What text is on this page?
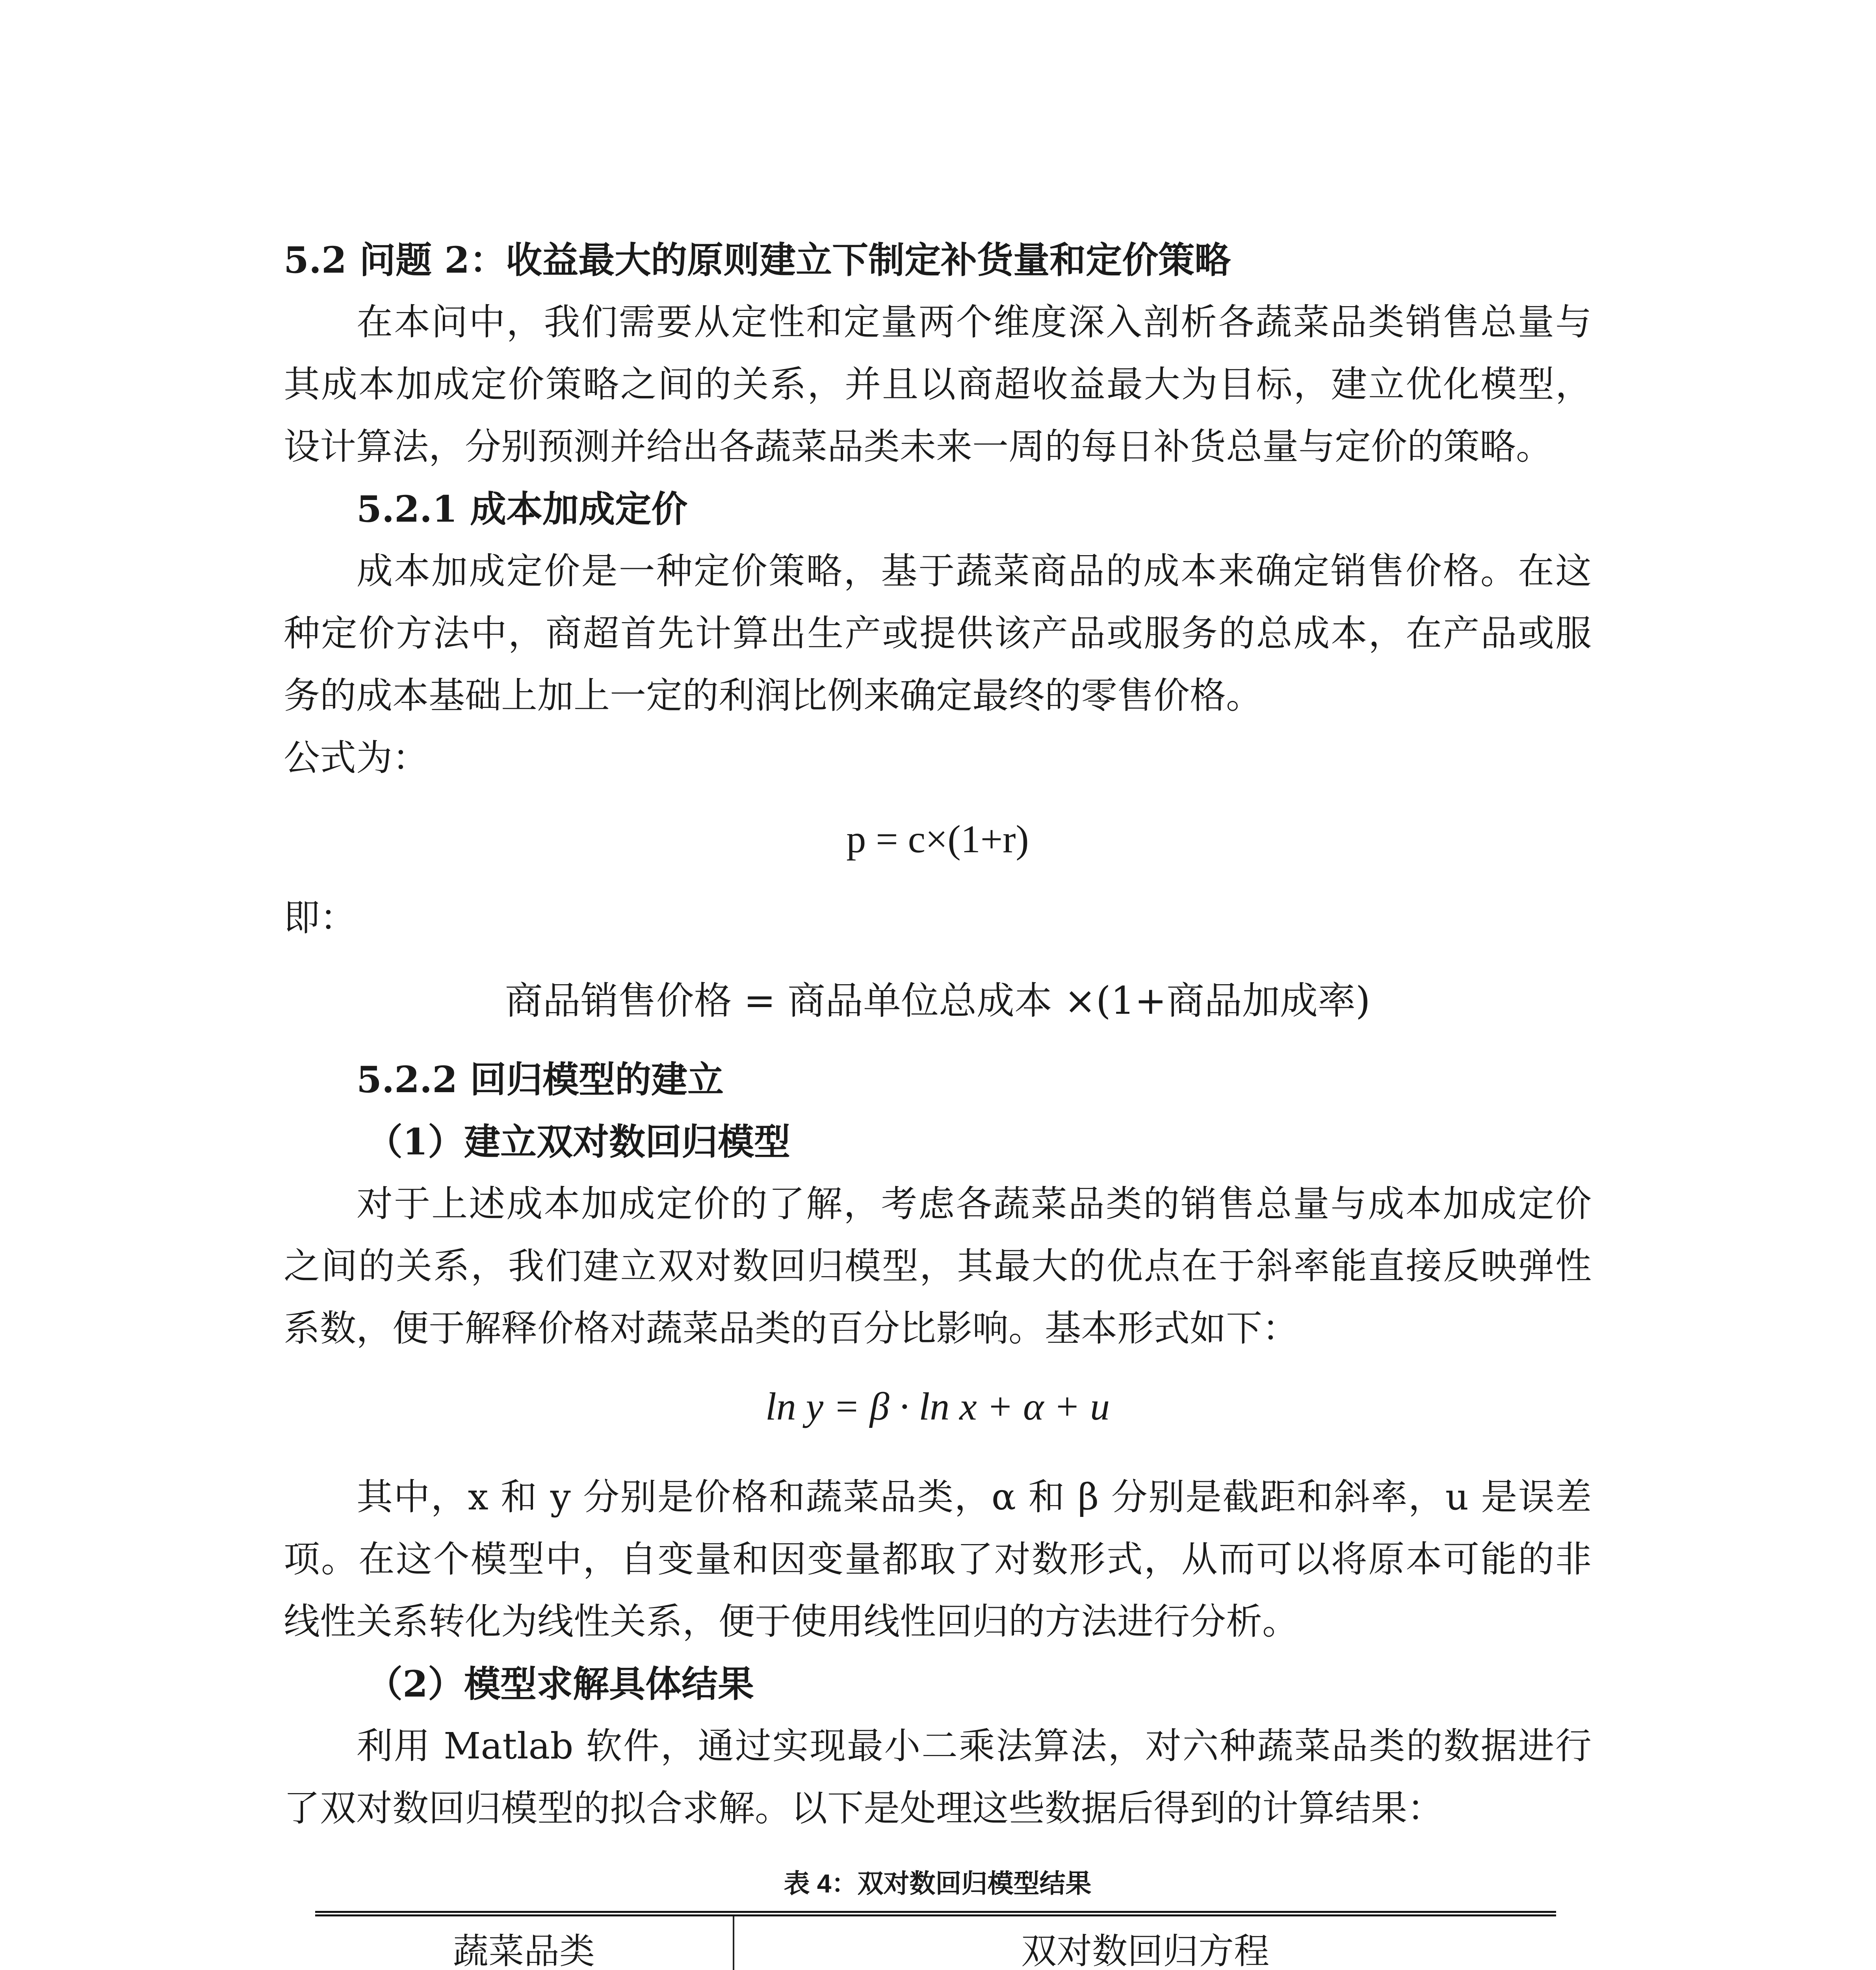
5.2 问题 2：收益最大的原则建立下制定补货量和定价策略
在本问中，我们需要从定性和定量两个维度深入剖析各蔬菜品类销售总量与
其成本加成定价策略之间的关系，并且以商超收益最大为目标，建立优化模型，
设计算法，分别预测并给出各蔬菜品类未来一周的每日补货总量与定价的策略。
5.2.1 成本加成定价
成本加成定价是一种定价策略，基于蔬菜商品的成本来确定销售价格。在这
种定价方法中，商超首先计算出生产或提供该产品或服务的总成本，在产品或服
务的成本基础上加上一定的利润比例来确定最终的零售价格。
公式为：
p = c×(1+r)
即：
商品销售价格 = 商品单位总成本 ×(1+商品加成率)
5.2.2 回归模型的建立
（1）建立双对数回归模型
对于上述成本加成定价的了解，考虑各蔬菜品类的销售总量与成本加成定价
之间的关系，我们建立双对数回归模型，其最大的优点在于斜率能直接反映弹性
系数，便于解释价格对蔬菜品类的百分比影响。基本形式如下：
ln y = β · ln x + α + u
其中，x 和 y 分别是价格和蔬菜品类，α 和 β 分别是截距和斜率，u 是误差
项。在这个模型中，自变量和因变量都取了对数形式，从而可以将原本可能的非
线性关系转化为线性关系，便于使用线性回归的方法进行分析。
（2）模型求解具体结果
利用 Matlab 软件，通过实现最小二乘法算法，对六种蔬菜品类的数据进行
了双对数回归模型的拟合求解。以下是处理这些数据后得到的计算结果：
表 4：双对数回归模型结果
蔬菜品类	双对数回归方程
